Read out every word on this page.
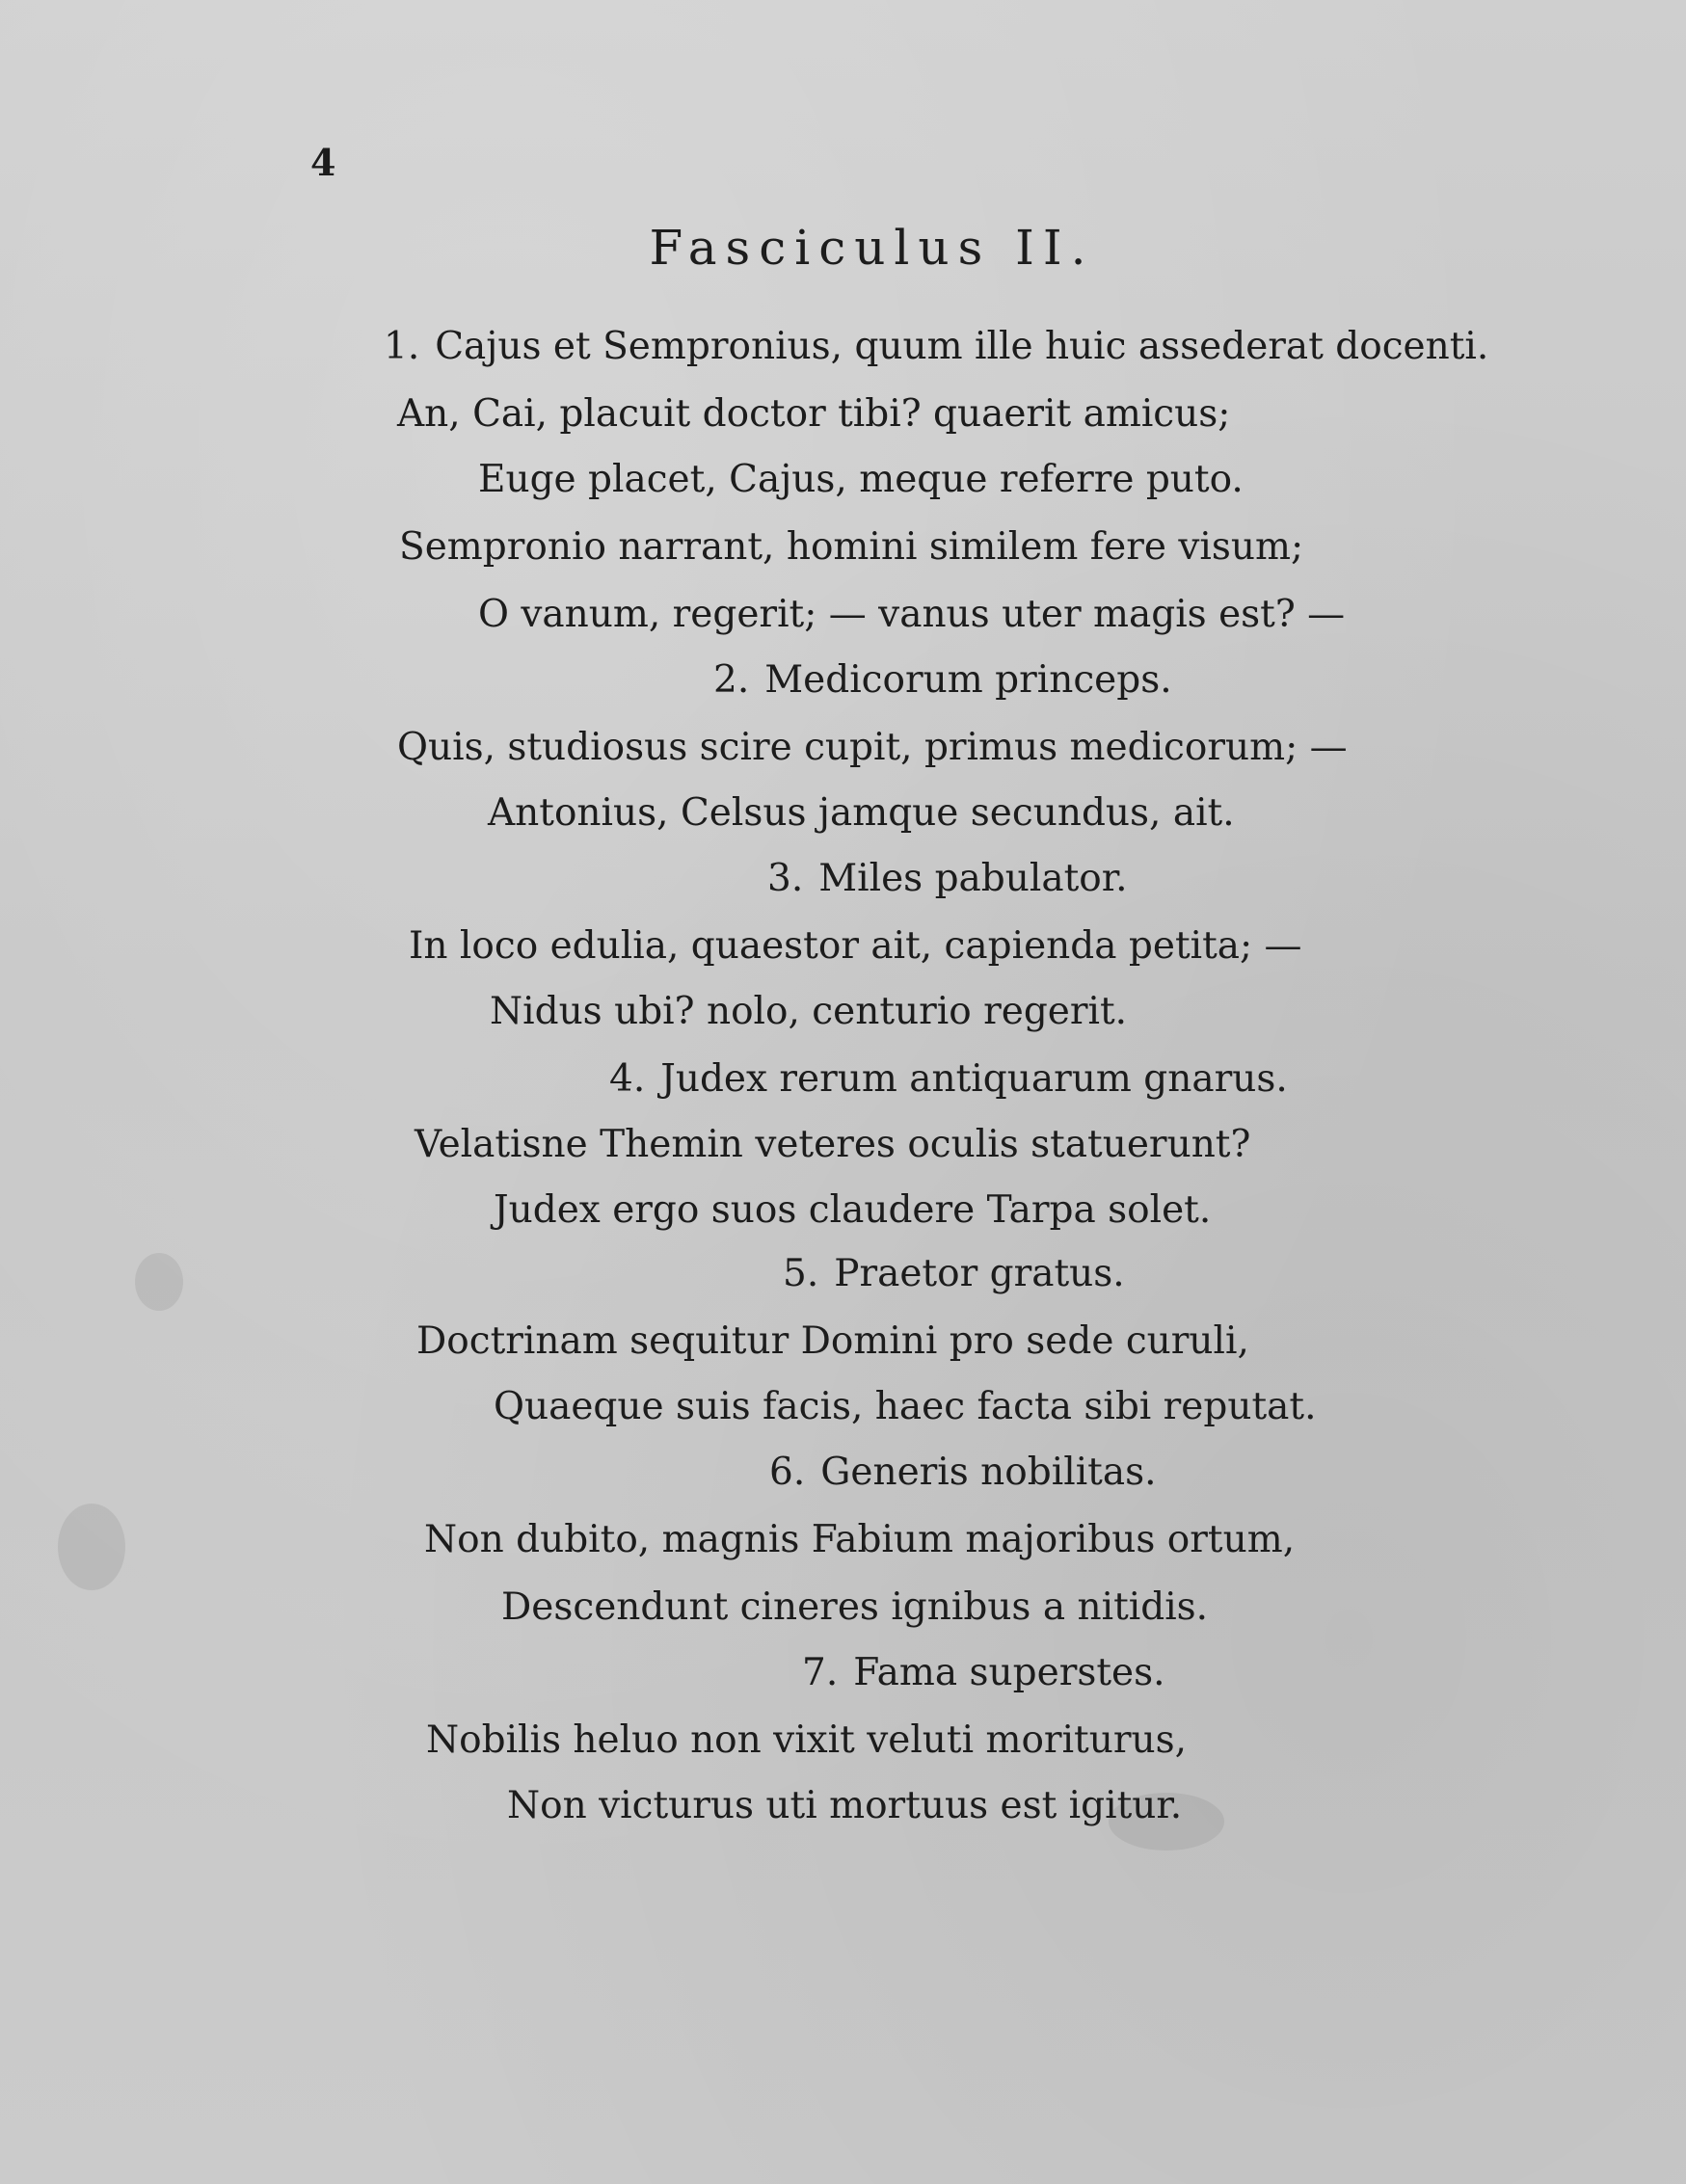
4
Fasciculus II.
1. Cajus et Sempronius, quum ille huic assederat docenti.
An, Cai, placuit doctor tibi? quaerit amicus;
Euge placet, Cajus, meque referre puto.
Sempronio narrant, homini similem fere visum;
O vanum, regerit; — vanus uter magis est? —
2. Medicorum princeps.
Quis, studiosus scire cupit, primus medicorum; —
Antonius, Celsus jamque secundus, ait.
3. Miles pabulator.
In loco edulia, quaestor ait, capienda petita; —
Nidus ubi? nolo, centurio regerit.
4. Judex rerum antiquarum gnarus.
Velatisne Themin veteres oculis statuerunt?
Judex ergo suos claudere Tarpa solet.
5. Praetor gratus.
Doctrinam sequitur Domini pro sede curuli,
Quaeque suis facis, haec facta sibi reputat.
6. Generis nobilitas.
Non dubito, magnis Fabium majoribus ortum,
Descendunt cineres ignibus a nitidis.
7. Fama superstes.
Nobilis heluo non vixit veluti moriturus,
Non victurus uti mortuus est igitur.
